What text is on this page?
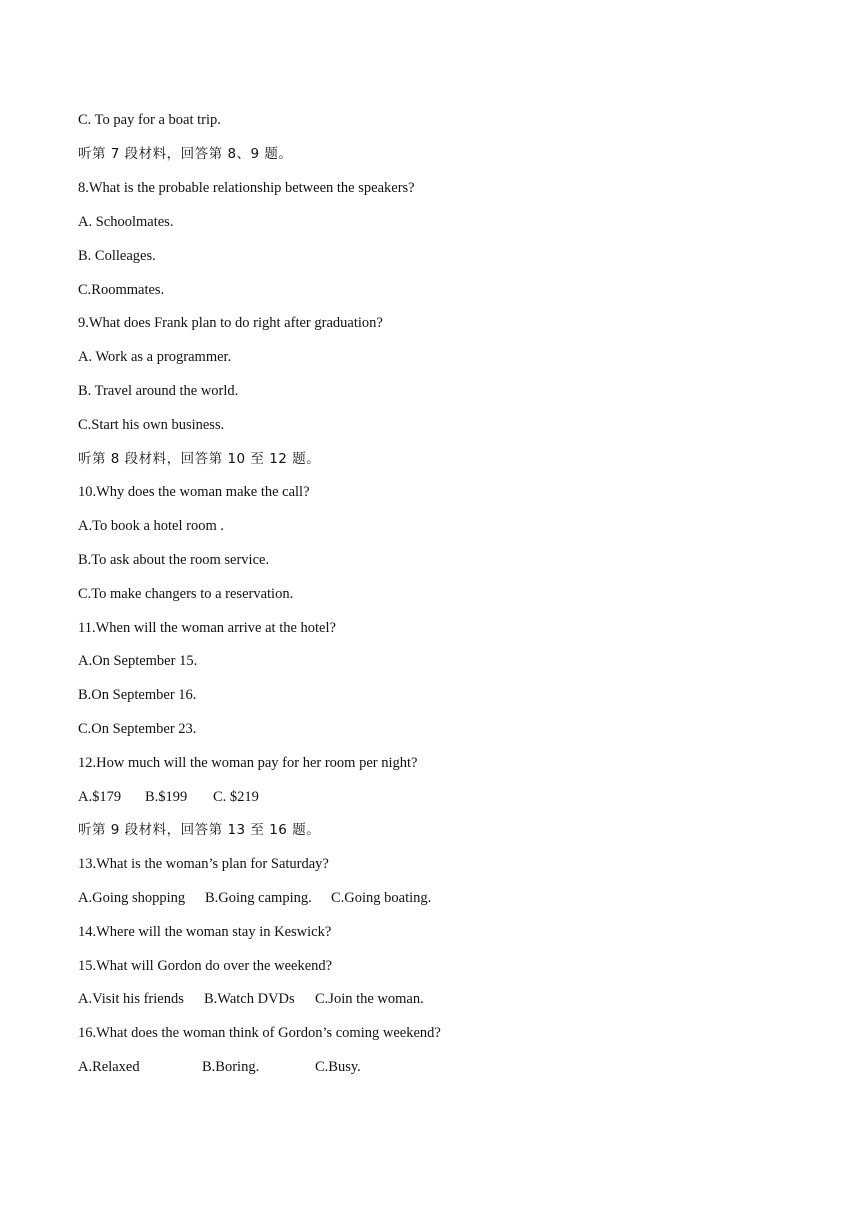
C. To pay for a boat trip.
听第 7 段材料，回答第 8、9 题。
8.What is the probable relationship between the speakers?
A. Schoolmates.
B. Colleages.
C.Roommates.
9.What does Frank plan to do right after graduation?
A. Work as a programmer.
B. Travel around the world.
C.Start his own business.
听第 8 段材料，回答第 10 至 12 题。
10.Why does the woman make the call?
A.To book a hotel room .
B.To ask about the room service.
C.To make changers to a reservation.
11.When will the woman arrive at the hotel?
A.On September 15.
B.On September 16.
C.On September 23.
12.How much will the woman pay for her room per night?
A.$179 B.$199 C. $219
听第 9 段材料，回答第 13 至 16 题。
13.What is the woman’s plan for Saturday?
A.Going shopping B.Going camping. C.Going boating.
14.Where will the woman stay in Keswick?
15.What will Gordon do over the weekend?
A.Visit his friends B.Watch DVDs C.Join the woman.
16.What does the woman think of Gordon’s coming weekend?
A.Relaxed	B.Boring.	C.Busy.
